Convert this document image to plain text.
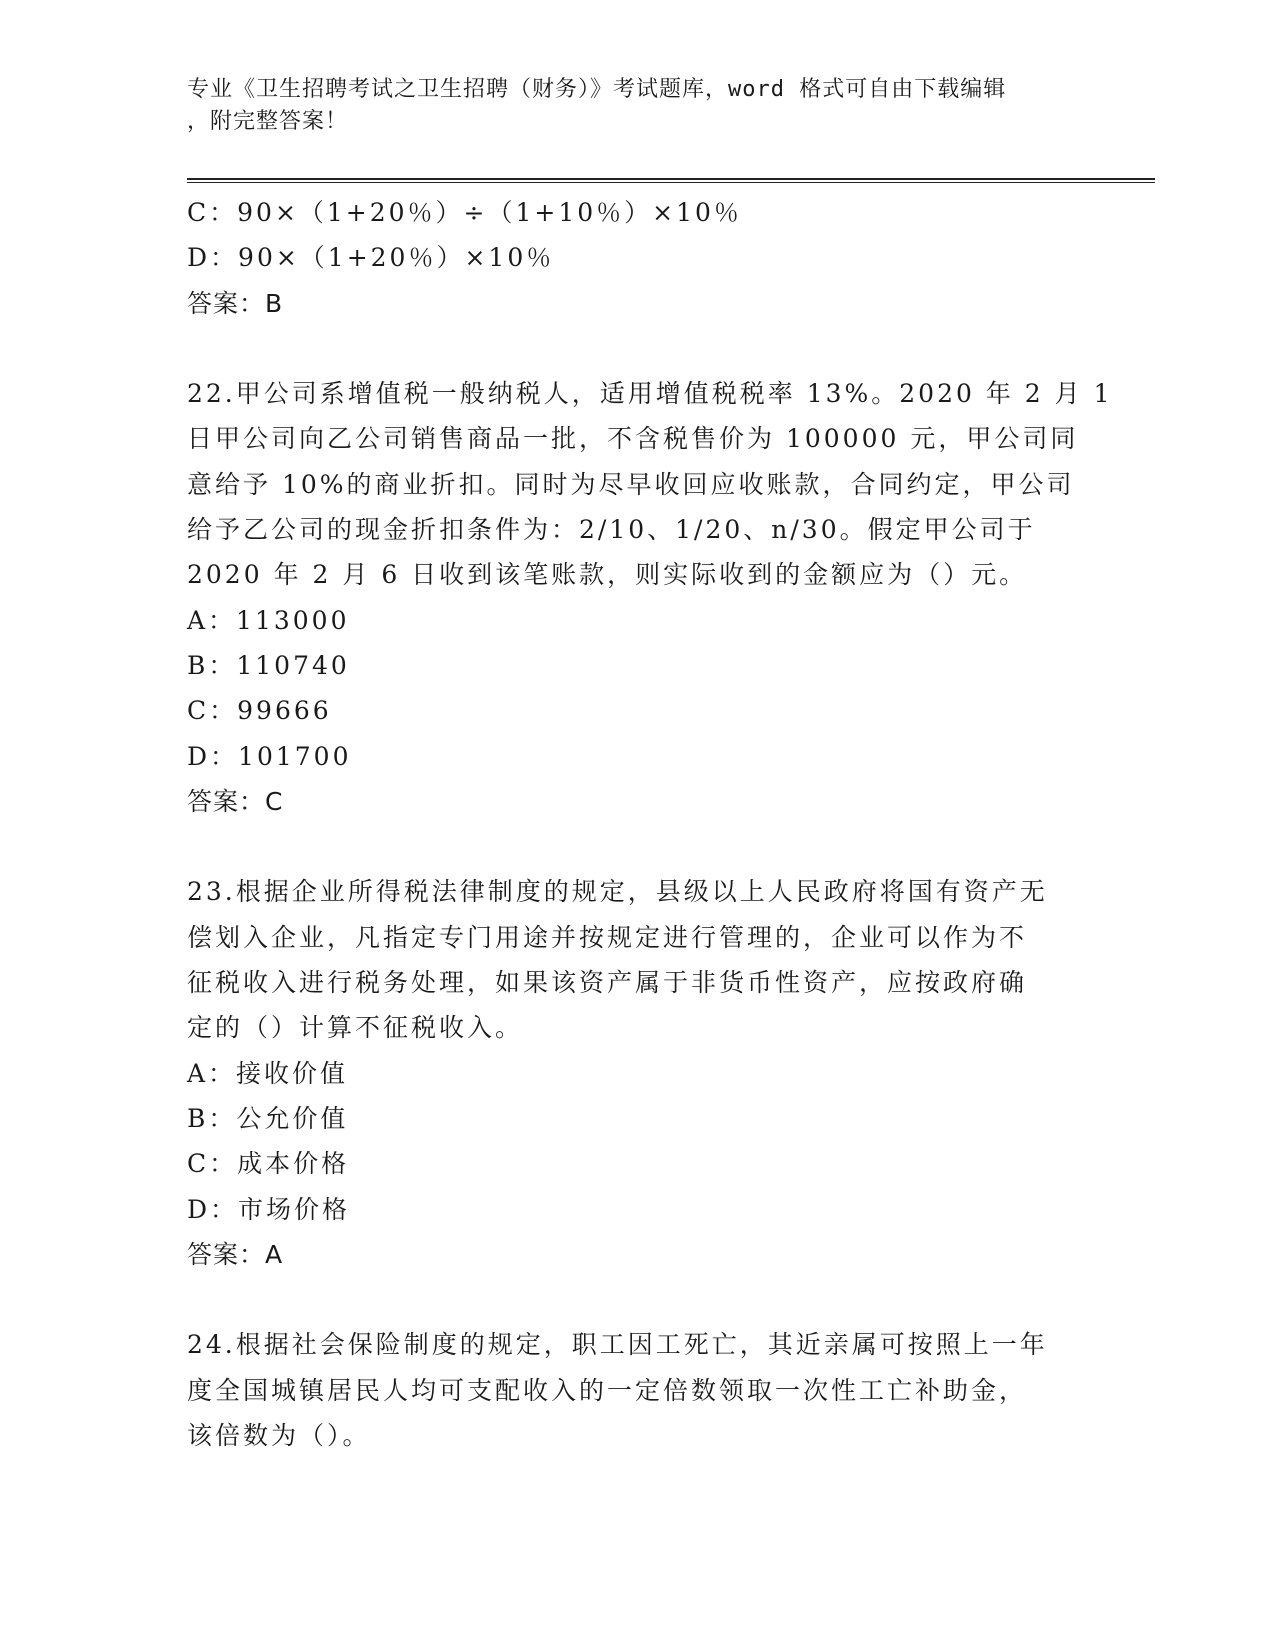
专业《卫生招聘考试之卫生招聘（财务）》考试题库，word 格式可自由下载编辑
，附完整答案！
C：90×（1+20％）÷（1+10％）×10％
D：90×（1+20％）×10％
答案：B
22.甲公司系增值税一般纳税人，适用增值税税率 13%。2020 年 2 月 1
日甲公司向乙公司销售商品一批，不含税售价为 100000 元，甲公司同
意给予 10%的商业折扣。同时为尽早收回应收账款，合同约定，甲公司
给予乙公司的现金折扣条件为：2/10、1/20、n/30。假定甲公司于
2020 年 2 月 6 日收到该笔账款，则实际收到的金额应为（）元。
A：113000
B：110740
C：99666
D：101700
答案：C
23.根据企业所得税法律制度的规定，县级以上人民政府将国有资产无
偿划入企业，凡指定专门用途并按规定进行管理的，企业可以作为不
征税收入进行税务处理，如果该资产属于非货币性资产，应按政府确
定的（）计算不征税收入。
A：接收价值
B：公允价值
C：成本价格
D：市场价格
答案：A
24.根据社会保险制度的规定，职工因工死亡，其近亲属可按照上一年
度全国城镇居民人均可支配收入的一定倍数领取一次性工亡补助金，
该倍数为（）。
